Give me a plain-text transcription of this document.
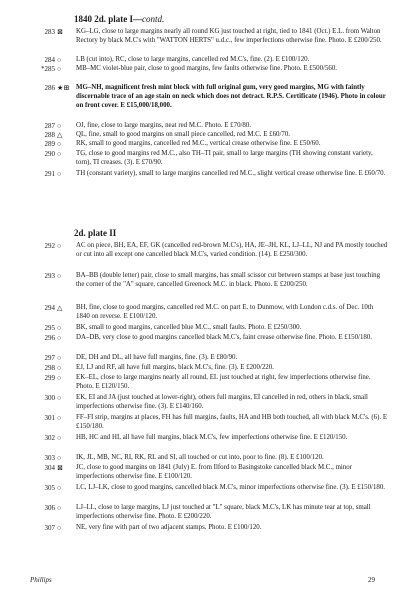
1840 2d. plate I—contd.
283 ⊠	KG–LG, close to large margins nearly all round KG just touched at right, tied to 1841 (Oct.) E.L. from Walton Rectory by black M.C's with "WATTON HERTS" u.d.c., few imperfections otherwise fine. Photo. E £200/250.
284 ○	LB (cut into), RC, close to large margins, cancelled red M.C's, fine. (2). E £100/120.
*285 ○	MB–MC violet-blue pair, close to good margins, few faults otherwise fine. Photo. E £500/560.
286 ★⊞ MG–NH, magnificent fresh mint block with full original gum, very good margins, MG with faintly discernable trace of an age stain on neck which does not detract. R.P.S. Certificate (1946). Photo in colour on front cover. E £15,000/18,000.
287 ○	OJ, fine, close to large margins, neat red M.C. Photo. E £70/80.
288 △	QL, fine, small to good margins on small piece cancelled, red M.C. E £60/70.
289 ○	RK, small to good margins, cancelled red M.C., vertical crease otherwise fine. E £50/60.
290 ○	TG, close to good margins red M.C., also TH–TI pair, small to large margins (TH showing constant variety, torn), TI creases. (3). E £70/90.
291 ○	TH (constant variety), small to large margins cancelled red M.C., slight vertical crease otherwise fine. E £60/70.
2d. plate II
292 ○	AC on piece, BH, EA, EF, GK (cancelled red-brown M.C's), HA, JE–JH, KL, LJ–LL, NJ and PA mostly touched or cut into all except one cancelled black M.C's, varied condition. (14). E £250/300.
293 ○	BA–BB (double letter) pair, close to small margins, has small scissor cut between stamps at base just touching the corner of the "A" square, cancelled Greenock M.C. in black. Photo. E £200/250.
294 △	BH, fine, close to good margins, cancelled red M.C. on part E. to Dunmow, with London c.d.s. of Dec. 10th 1840 on reverse. E £100/120.
295 ○	BK, small to good margins, cancelled blue M.C., small faults. Photo. E £250/300.
296 ○	DA–DB, very close to good margins cancelled black M.C's, faint crease otherwise fine. Photo. E £150/180.
297 ○	DE, DH and DL, all have full margins, fine. (3). E £80/90.
298 ○	EJ, LJ and RF, all have full margins, black M.C's, fine. (3). E £200/220.
299 ○	EK–EL, close to large margins nearly all round, EL just touched at right, few imperfections otherwise fine. Photo. E £120/150.
300 ○	EK, EI and JA (just touched at lower-right), others full margins, EI cancelled in red, others in black, small imperfections otherwise fine. (3). E £140/160.
301 ○	FF–FI strip, margins at places, FH has full margins, faults, HA and HB both touched, all with black M.C's. (6). E £150/180.
302 ○	HB, HC and HI, all have full margins, black M.C's, few imperfections otherwise fine. E £120/150.
303 ○	IK, JL, MB, NC, RI, RK, RL and SI, all touched or cut into, poor to fine. (8). E £100/120.
304 ⊠	JC, close to good margins on 1841 (July) E. from Ilford to Basingstoke cancelled black M.C., minor imperfections otherwise fine. E £100/120.
305 ○	LC, LJ–LK, close to good margins, cancelled black M.C's, minor imperfections otherwise fine. (3). E £150/180.
306 ○	LJ–LL, close to large margins, LJ just touched at "L" square, black M.C's, LK has minute tear at top, small imperfections otherwise fine. Photo. E £200/220.
307 ○	NE, very fine with part of two adjacent stamps. Photo. E £100/120.
Phillips	29
